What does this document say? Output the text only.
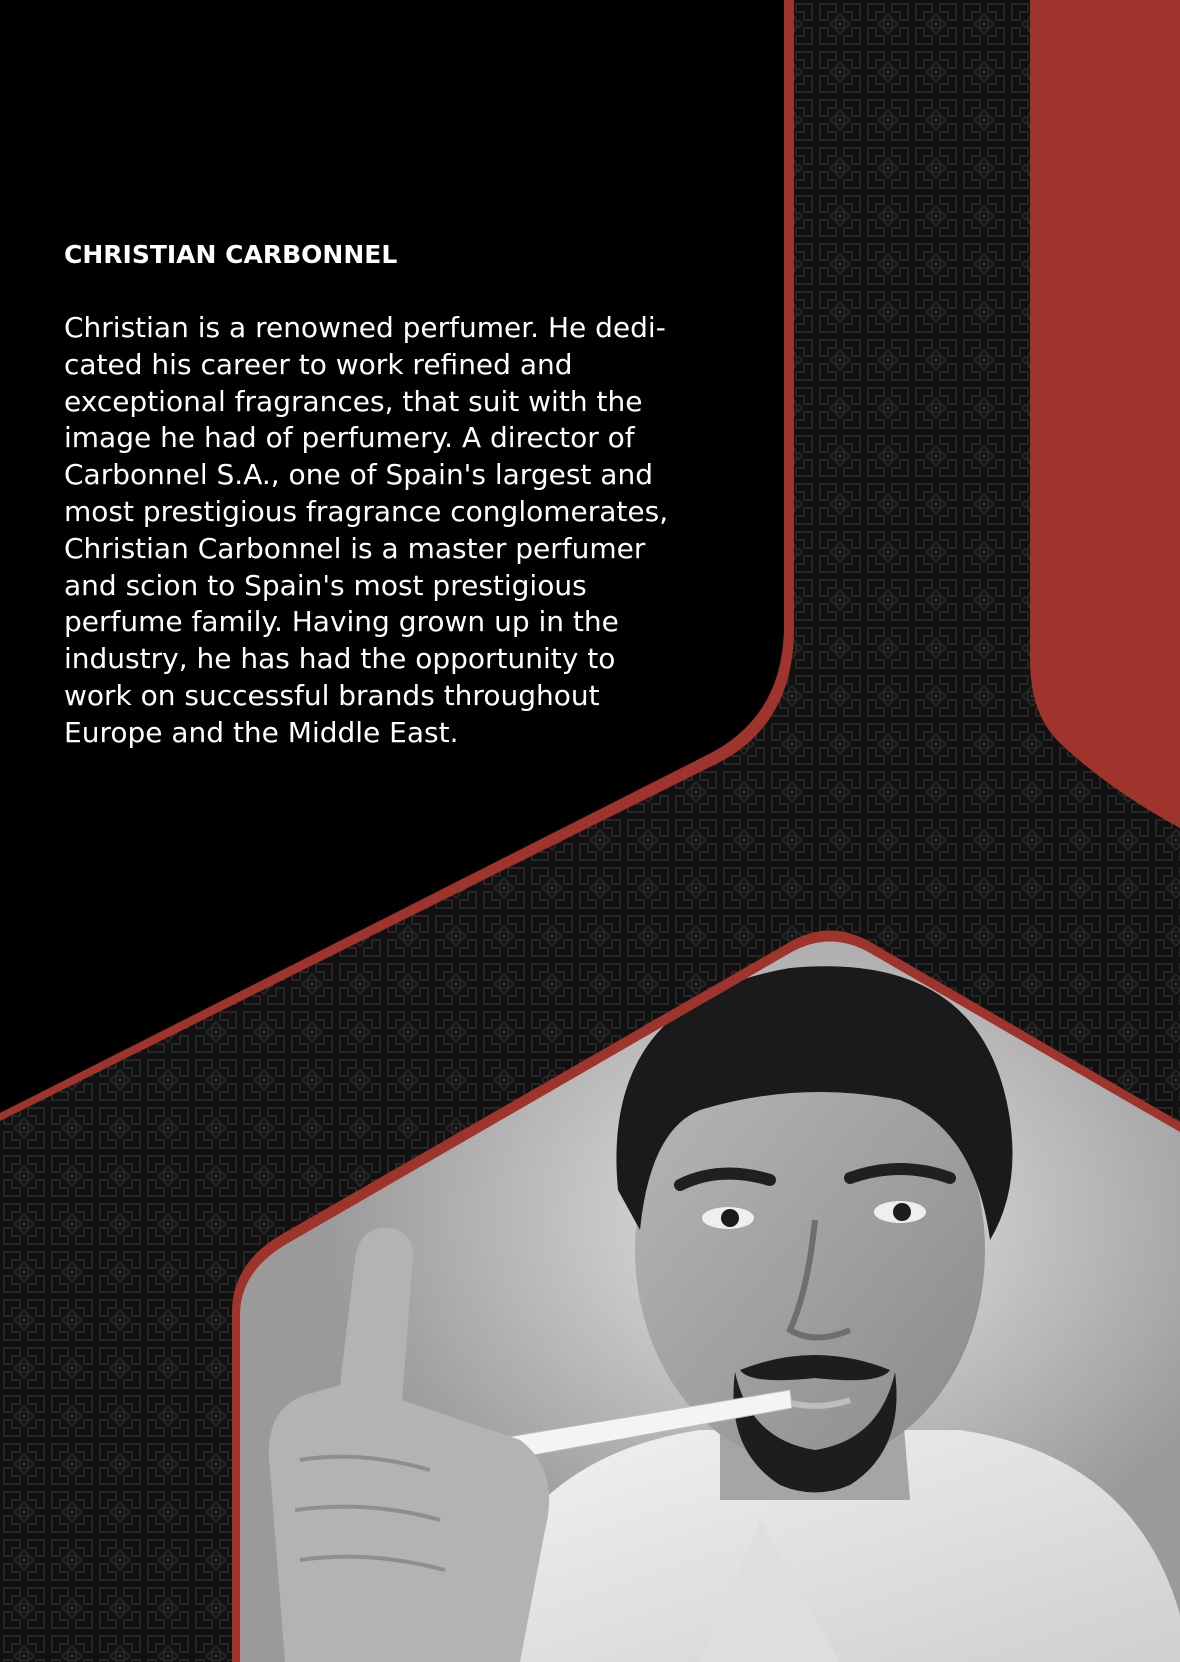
CHRISTIAN CARBONNEL

Christian is a renowned perfumer. He dedi-
cated his career to work refined and
exceptional fragrances, that suit with the
image he had of perfumery. A director of
Carbonnel S.A., one of Spain's largest and
most prestigious fragrance conglomerates,
Christian Carbonnel is a master perfumer
and scion to Spain's most prestigious
perfume family. Having grown up in the
industry, he has had the opportunity to
work on successful brands throughout
Europe and the Middle East.
